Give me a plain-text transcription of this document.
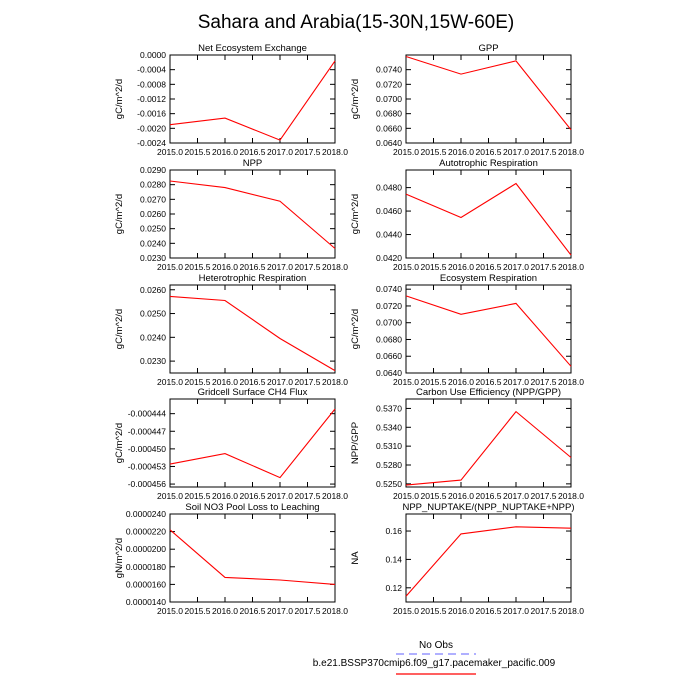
Sahara and Arabia(15-30N,15W-60E)
Net Ecosystem Exchange
gC/m^2/d
2015.0 2015.5 2016.0 2016.5 2017.0 2017.5 2018.0
0.0000
-0.0004
-0.0008
-0.0012
-0.0016
-0.0020
-0.0024
GPP
gC/m^2/d
2015.0 2015.5 2016.0 2016.5 2017.0 2017.5 2018.0
0.0740
0.0720
0.0700
0.0680
0.0660
0.0640
NPP
gC/m^2/d
2015.0 2015.5 2016.0 2016.5 2017.0 2017.5 2018.0
0.0290
0.0280
0.0270
0.0260
0.0250
0.0240
0.0230
Autotrophic Respiration
gC/m^2/d
2015.0 2015.5 2016.0 2016.5 2017.0 2017.5 2018.0
0.0480
0.0460
0.0440
0.0420
Heterotrophic Respiration
gC/m^2/d
2015.0 2015.5 2016.0 2016.5 2017.0 2017.5 2018.0
0.0260
0.0250
0.0240
0.0230
Ecosystem Respiration
gC/m^2/d
2015.0 2015.5 2016.0 2016.5 2017.0 2017.5 2018.0
0.0740
0.0720
0.0700
0.0680
0.0660
0.0640
Gridcell Surface CH4 Flux
gC/m^2/d
2015.0 2015.5 2016.0 2016.5 2017.0 2017.5 2018.0
-0.000444
-0.000447
-0.000450
-0.000453
-0.000456
Carbon Use Efficiency (NPP/GPP)
NPP/GPP
2015.0 2015.5 2016.0 2016.5 2017.0 2017.5 2018.0
0.5370
0.5340
0.5310
0.5280
0.5250
Soil NO3 Pool Loss to Leaching
gN/m^2/d
2015.0 2015.5 2016.0 2016.5 2017.0 2017.5 2018.0
0.0000240
0.0000220
0.0000200
0.0000180
0.0000160
0.0000140
NPP_NUPTAKE/(NPP_NUPTAKE+NPP)
NA
2015.0 2015.5 2016.0 2016.5 2017.0 2017.5 2018.0
0.16
0.14
0.12
No Obs
b.e21.BSSP370cmip6.f09_g17.pacemaker_pacific.009
